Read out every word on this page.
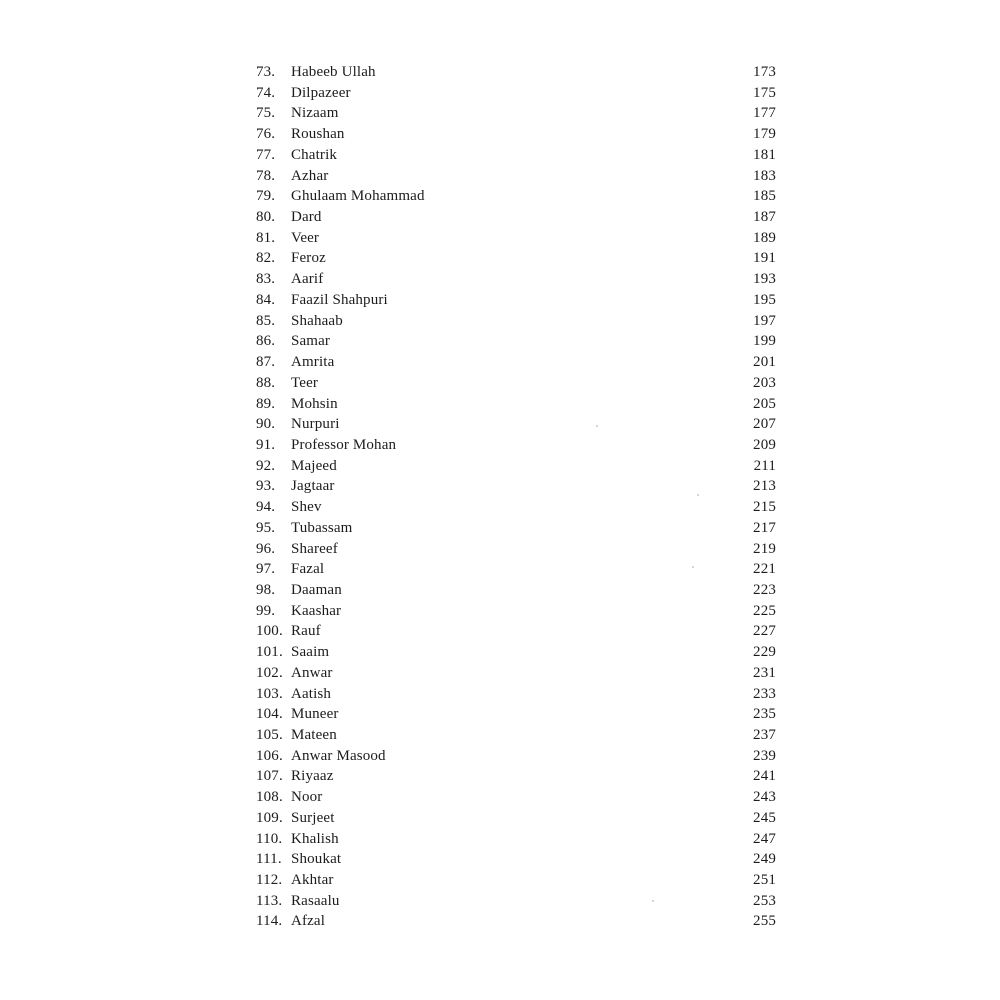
73. Habeeb Ullah	173
74. Dilpazeer	175
75. Nizaam	177
76. Roushan	179
77. Chatrik	181
78. Azhar	183
79. Ghulaam Mohammad	185
80. Dard	187
81. Veer	189
82. Feroz	191
83. Aarif	193
84. Faazil Shahpuri	195
85. Shahaab	197
86. Samar	199
87. Amrita	201
88. Teer	203
89. Mohsin	205
90. Nurpuri	207
91. Professor Mohan	209
92. Majeed	211
93. Jagtaar	213
94. Shev	215
95. Tubassam	217
96. Shareef	219
97. Fazal	221
98. Daaman	223
99. Kaashar	225
100. Rauf	227
101. Saaim	229
102. Anwar	231
103. Aatish	233
104. Muneer	235
105. Mateen	237
106. Anwar Masood	239
107. Riyaaz	241
108. Noor	243
109. Surjeet	245
110. Khalish	247
111. Shoukat	249
112. Akhtar	251
113. Rasaalu	253
114. Afzal	255
